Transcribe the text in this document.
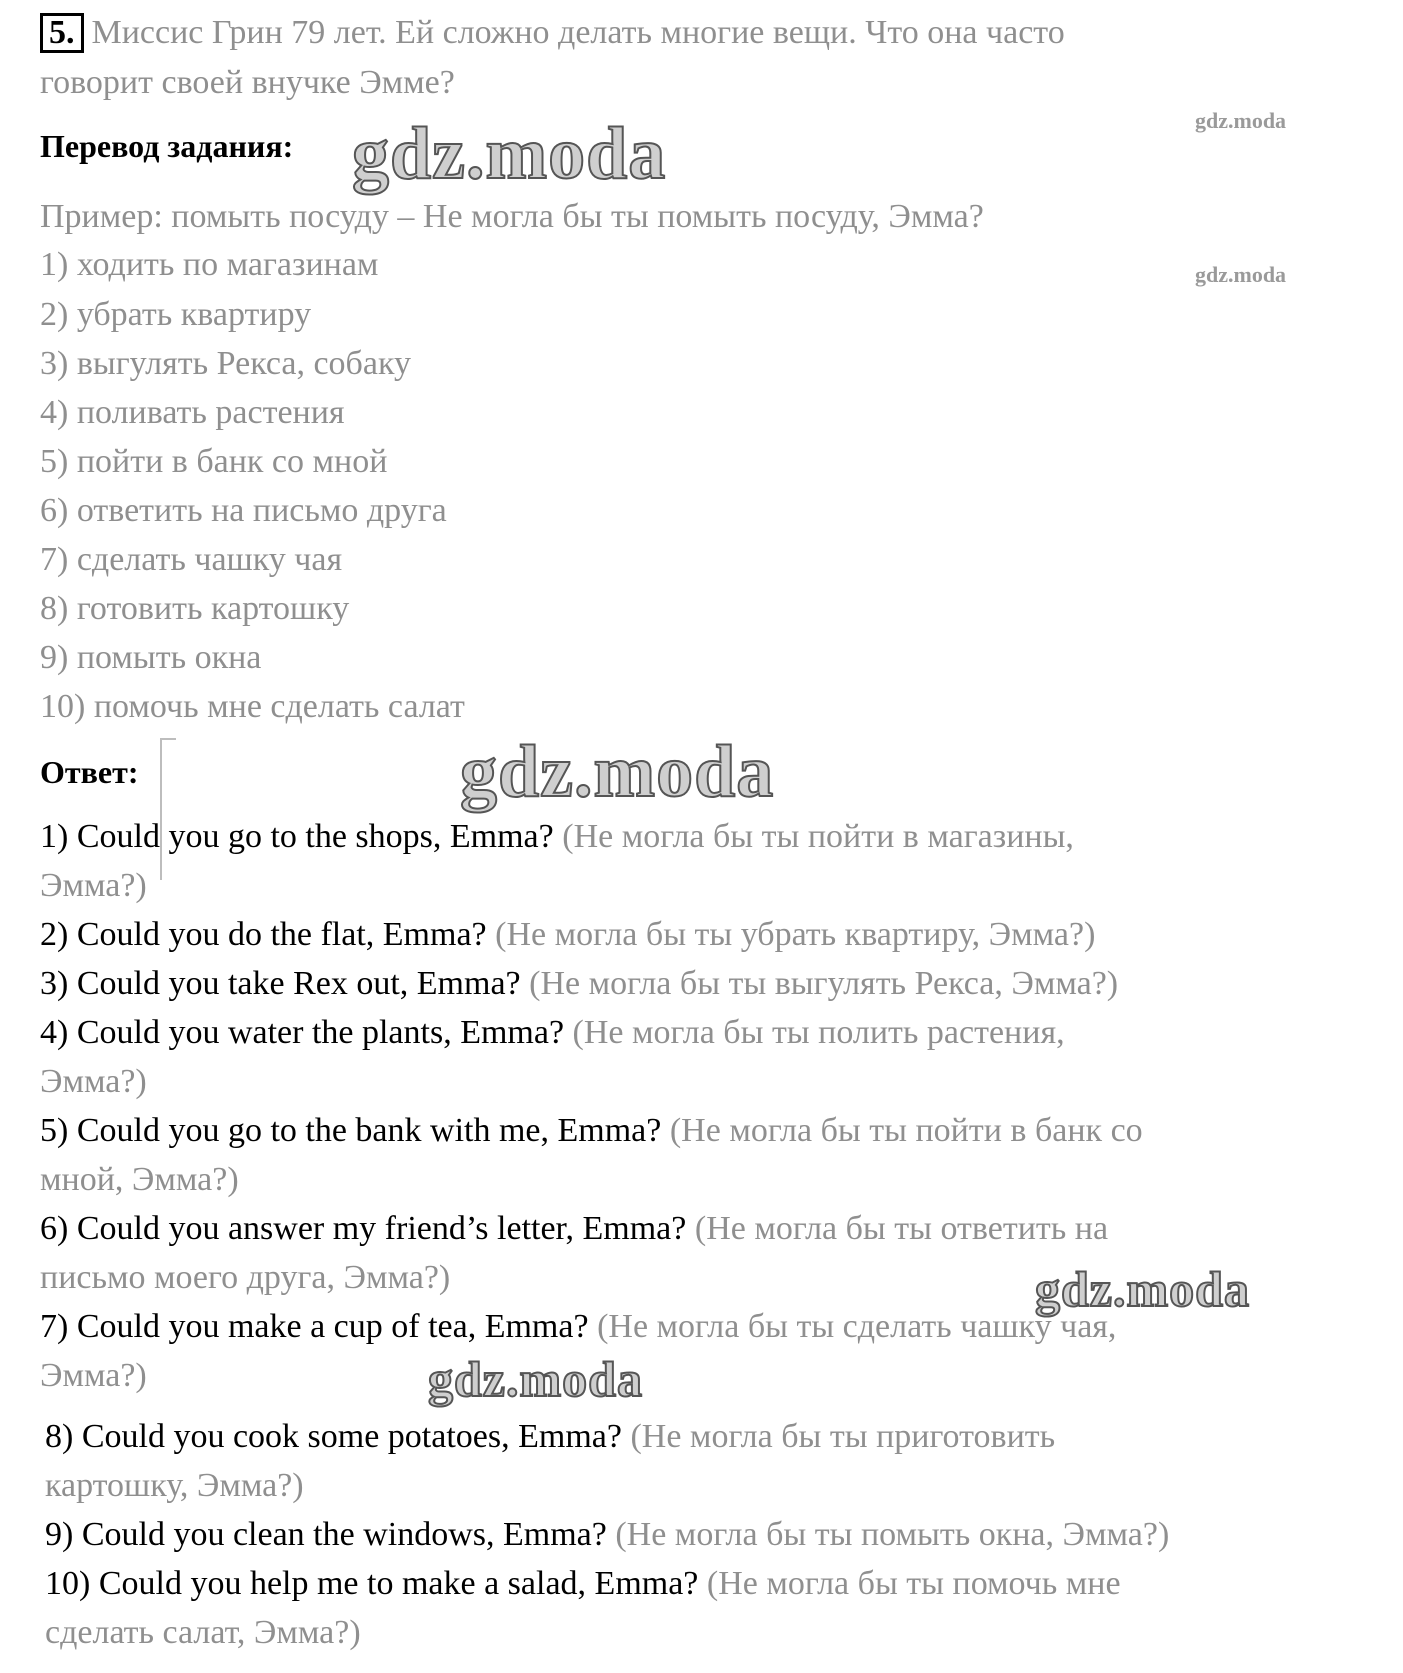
5. Миссис Грин 79 лет. Ей сложно делать многие вещи. Что она часто
говорит своей внучке Эмме?
Перевод задания:
Пример: помыть посуду – Не могла бы ты помыть посуду, Эмма?
1) ходить по магазинам
2) убрать квартиру
3) выгулять Рекса, собаку
4) поливать растения
5) пойти в банк со мной
6) ответить на письмо друга
7) сделать чашку чая
8) готовить картошку
9) помыть окна
10) помочь мне сделать салат
Ответ:
1) Could you go to the shops, Emma? (Не могла бы ты пойти в магазины,
Эмма?)
2) Could you do the flat, Emma? (Не могла бы ты убрать квартиру, Эмма?)
3) Could you take Rex out, Emma? (Не могла бы ты выгулять Рекса, Эмма?)
4) Could you water the plants, Emma? (Не могла бы ты полить растения,
Эмма?)
5) Could you go to the bank with me, Emma? (Не могла бы ты пойти в банк со
мной, Эмма?)
6) Could you answer my friend’s letter, Emma? (Не могла бы ты ответить на
письмо моего друга, Эмма?)
7) Could you make a cup of tea, Emma? (Не могла бы ты сделать чашку чая,
Эмма?)
8) Could you cook some potatoes, Emma? (Не могла бы ты приготовить
картошку, Эмма?)
9) Could you clean the windows, Emma? (Не могла бы ты помыть окна, Эмма?)
10) Could you help me to make a salad, Emma? (Не могла бы ты помочь мне
сделать салат, Эмма?)
gdz.moda
gdz.moda
gdz.moda
gdz.moda
gdz.moda
gdz.moda
